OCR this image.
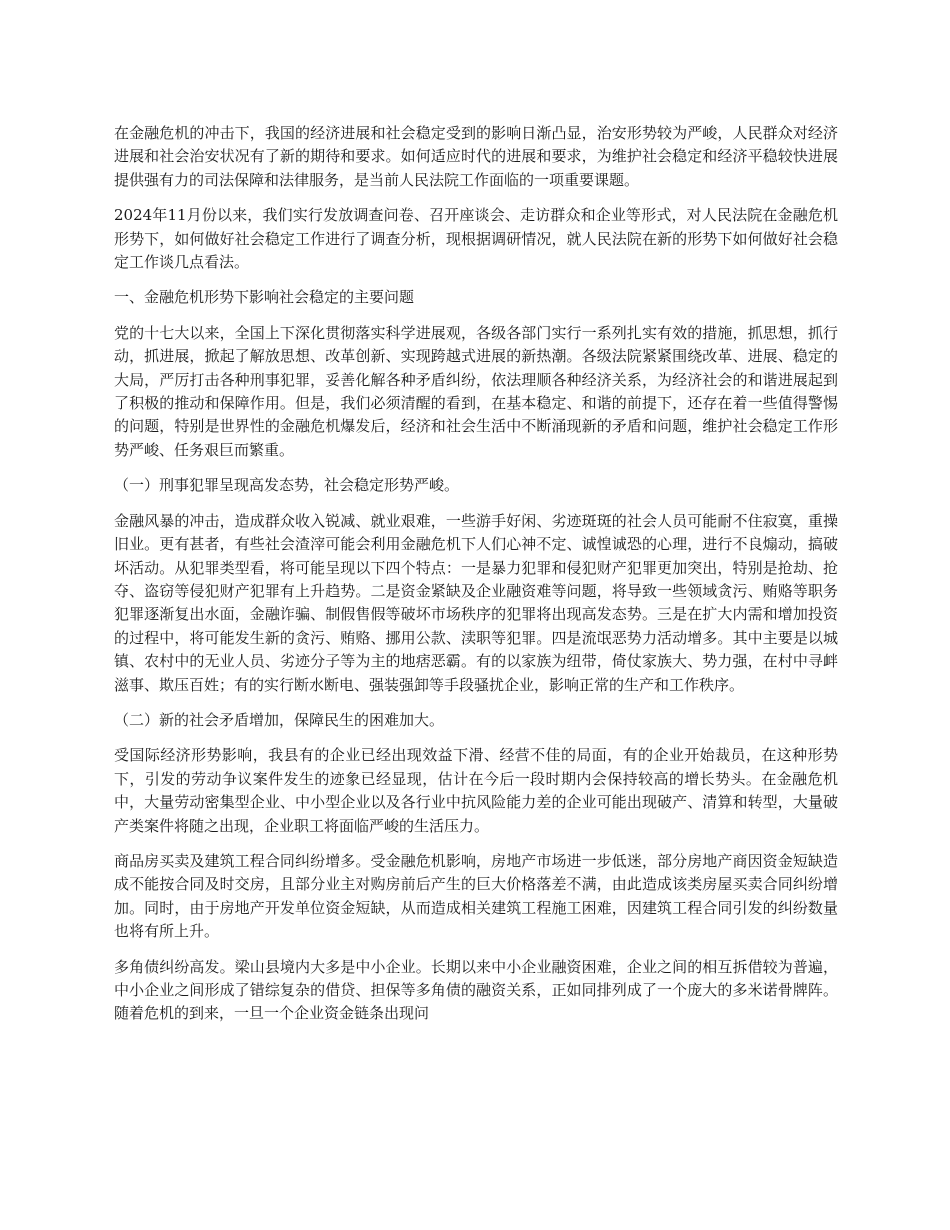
在金融危机的冲击下，我国的经济进展和社会稳定受到的影响日渐凸显，治安形势较为严峻，人民群众对经济进展和社会治安状况有了新的期待和要求。如何适应时代的进展和要求，为维护社会稳定和经济平稳较快进展提供强有力的司法保障和法律服务，是当前人民法院工作面临的一项重要课题。

2024年11月份以来，我们实行发放调查问卷、召开座谈会、走访群众和企业等形式，对人民法院在金融危机形势下，如何做好社会稳定工作进行了调查分析，现根据调研情况，就人民法院在新的形势下如何做好社会稳定工作谈几点看法。

一、金融危机形势下影响社会稳定的主要问题

党的十七大以来，全国上下深化贯彻落实科学进展观，各级各部门实行一系列扎实有效的措施，抓思想，抓行动，抓进展，掀起了解放思想、改革创新、实现跨越式进展的新热潮。各级法院紧紧围绕改革、进展、稳定的大局，严厉打击各种刑事犯罪，妥善化解各种矛盾纠纷，依法理顺各种经济关系，为经济社会的和谐进展起到了积极的推动和保障作用。但是，我们必须清醒的看到，在基本稳定、和谐的前提下，还存在着一些值得警惕的问题，特别是世界性的金融危机爆发后，经济和社会生活中不断涌现新的矛盾和问题，维护社会稳定工作形势严峻、任务艰巨而繁重。

（一）刑事犯罪呈现高发态势，社会稳定形势严峻。

金融风暴的冲击，造成群众收入锐减、就业艰难，一些游手好闲、劣迹斑斑的社会人员可能耐不住寂寞，重操旧业。更有甚者，有些社会渣滓可能会利用金融危机下人们心神不定、诚惶诚恐的心理，进行不良煽动，搞破坏活动。从犯罪类型看，将可能呈现以下四个特点：一是暴力犯罪和侵犯财产犯罪更加突出，特别是抢劫、抢夺、盗窃等侵犯财产犯罪有上升趋势。二是资金紧缺及企业融资难等问题，将导致一些领域贪污、贿赂等职务犯罪逐渐复出水面，金融诈骗、制假售假等破坏市场秩序的犯罪将出现高发态势。三是在扩大内需和增加投资的过程中，将可能发生新的贪污、贿赂、挪用公款、渎职等犯罪。四是流氓恶势力活动增多。其中主要是以城镇、农村中的无业人员、劣迹分子等为主的地痞恶霸。有的以家族为纽带，倚仗家族大、势力强，在村中寻衅滋事、欺压百姓；有的实行断水断电、强装强卸等手段骚扰企业，影响正常的生产和工作秩序。

（二）新的社会矛盾增加，保障民生的困难加大。

受国际经济形势影响，我县有的企业已经出现效益下滑、经营不佳的局面，有的企业开始裁员，在这种形势下，引发的劳动争议案件发生的迹象已经显现，估计在今后一段时期内会保持较高的增长势头。在金融危机中，大量劳动密集型企业、中小型企业以及各行业中抗风险能力差的企业可能出现破产、清算和转型，大量破产类案件将随之出现，企业职工将面临严峻的生活压力。

商品房买卖及建筑工程合同纠纷增多。受金融危机影响，房地产市场进一步低迷，部分房地产商因资金短缺造成不能按合同及时交房，且部分业主对购房前后产生的巨大价格落差不满，由此造成该类房屋买卖合同纠纷增加。同时，由于房地产开发单位资金短缺，从而造成相关建筑工程施工困难，因建筑工程合同引发的纠纷数量也将有所上升。

多角债纠纷高发。梁山县境内大多是中小企业。长期以来中小企业融资困难，企业之间的相互拆借较为普遍，中小企业之间形成了错综复杂的借贷、担保等多角债的融资关系，正如同排列成了一个庞大的多米诺骨牌阵。随着危机的到来，一旦一个企业资金链条出现问
